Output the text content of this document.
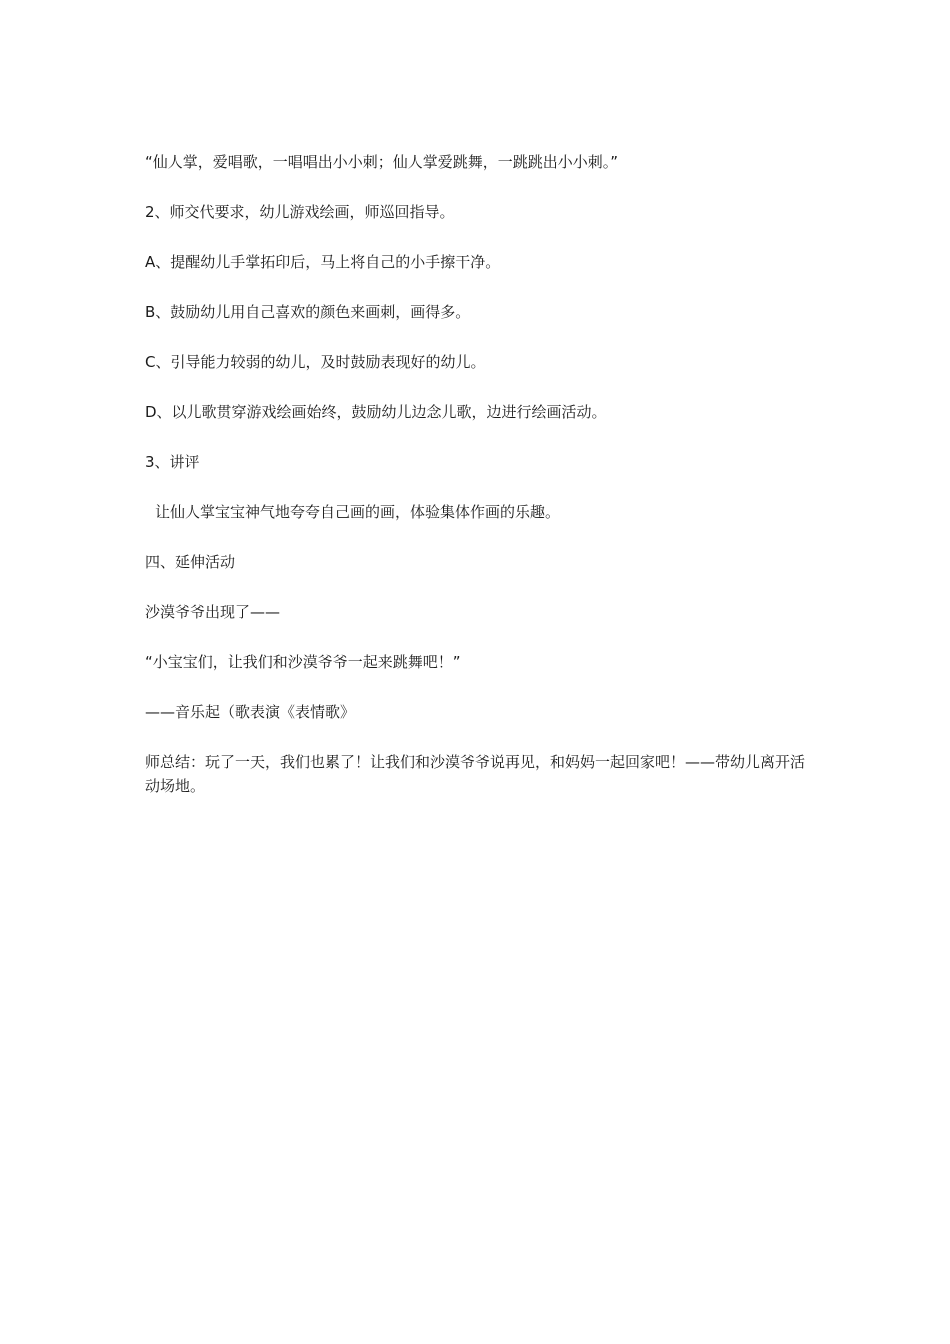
“仙人掌，爱唱歌，一唱唱出小小刺；仙人掌爱跳舞，一跳跳出小小刺。”

2、师交代要求，幼儿游戏绘画，师巡回指导。

A、提醒幼儿手掌拓印后，马上将自己的小手擦干净。

B、鼓励幼儿用自己喜欢的颜色来画刺，画得多。

C、引导能力较弱的幼儿，及时鼓励表现好的幼儿。

D、以儿歌贯穿游戏绘画始终，鼓励幼儿边念儿歌，边进行绘画活动。

3、讲评

让仙人掌宝宝神气地夸夸自己画的画，体验集体作画的乐趣。

四、延伸活动

沙漠爷爷出现了——

“小宝宝们，让我们和沙漠爷爷一起来跳舞吧！”

——音乐起（歌表演《表情歌》

师总结：玩了一天，我们也累了！让我们和沙漠爷爷说再见，和妈妈一起回家吧！——带幼儿离开活动场地。
